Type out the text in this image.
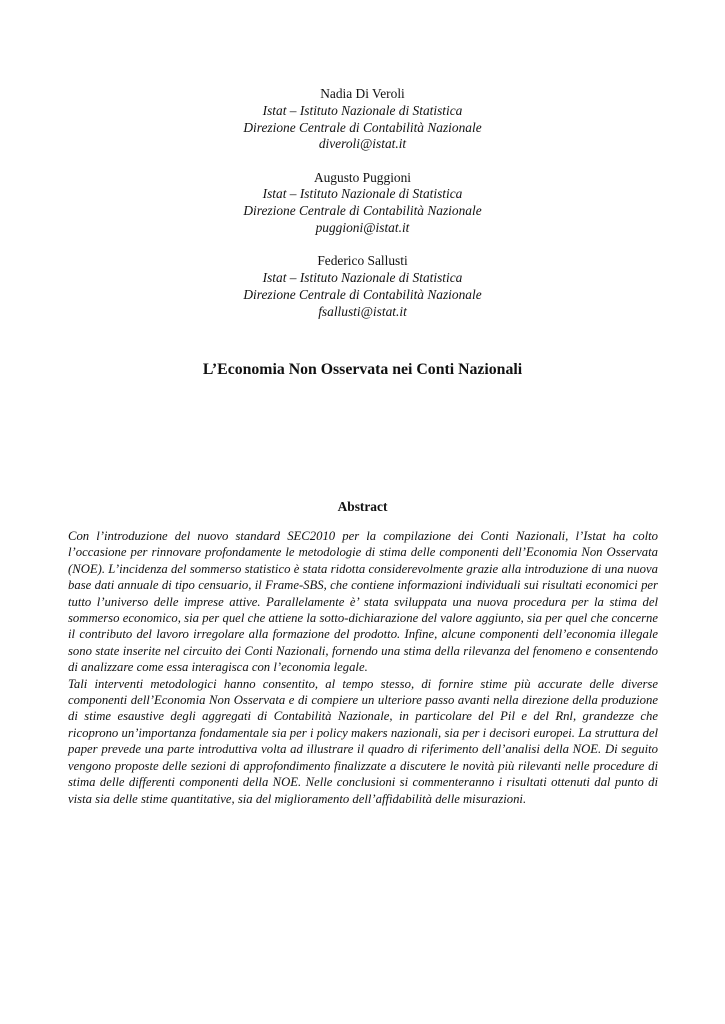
Nadia Di Veroli
Istat – Istituto Nazionale di Statistica
Direzione Centrale di Contabilità Nazionale
diveroli@istat.it
Augusto Puggioni
Istat – Istituto Nazionale di Statistica
Direzione Centrale di Contabilità Nazionale
puggioni@istat.it
Federico Sallusti
Istat – Istituto Nazionale di Statistica
Direzione Centrale di Contabilità Nazionale
fsallusti@istat.it
L’Economia Non Osservata nei Conti Nazionali
Abstract

Con l’introduzione del nuovo standard SEC2010 per la compilazione dei Conti Nazionali, l’Istat ha colto l’occasione per rinnovare profondamente le metodologie di stima delle componenti dell’Economia Non Osservata (NOE). L’incidenza del sommerso statistico è stata ridotta considerevolmente grazie alla introduzione di una nuova base dati annuale di tipo censuario, il Frame-SBS, che contiene informazioni individuali sui risultati economici per tutto l’universo delle imprese attive. Parallelamente è’ stata sviluppata una nuova procedura per la stima del sommerso economico, sia per quel che attiene la sotto-dichiarazione del valore aggiunto, sia per quel che concerne il contributo del lavoro irregolare alla formazione del prodotto. Infine, alcune componenti dell’economia illegale sono state inserite nel circuito dei Conti Nazionali, fornendo una stima della rilevanza del fenomeno e consentendo di analizzare come essa interagisca con l’economia legale.

Tali interventi metodologici hanno consentito, al tempo stesso, di fornire stime più accurate delle diverse componenti dell’Economia Non Osservata e di compiere un ulteriore passo avanti nella direzione della produzione di stime esaustive degli aggregati di Contabilità Nazionale, in particolare del Pil e del Rnl, grandezze che ricoprono un’importanza fondamentale sia per i policy makers nazionali, sia per i decisori europei. La struttura del paper prevede una parte introduttiva volta ad illustrare il quadro di riferimento dell’analisi della NOE. Di seguito vengono proposte delle sezioni di approfondimento finalizzate a discutere le novità più rilevanti nelle procedure di stima delle differenti componenti della NOE. Nelle conclusioni si commenteranno i risultati ottenuti dal punto di vista sia delle stime quantitative, sia del miglioramento dell’affidabilità delle misurazioni.
